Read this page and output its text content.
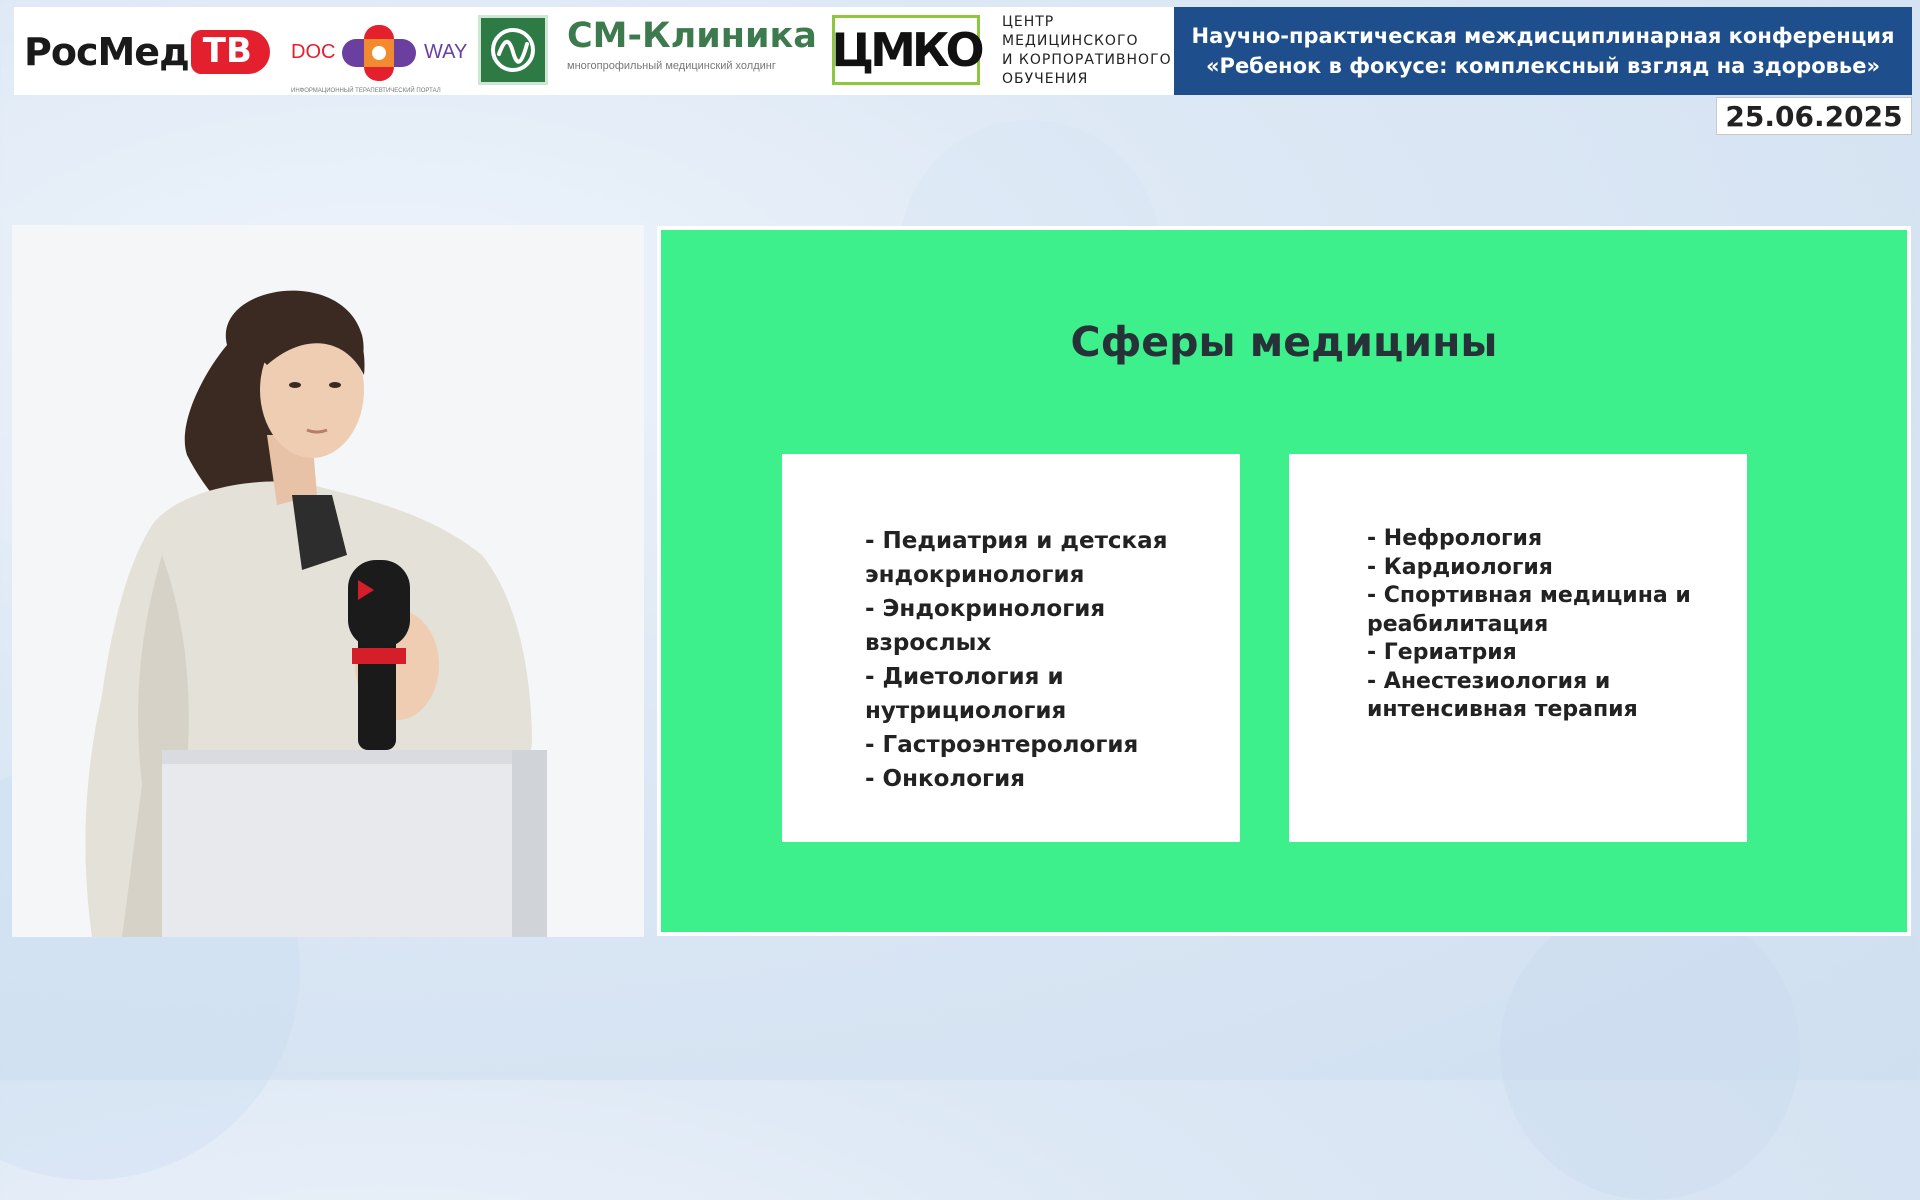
РосМед ТВ	DOC	WAY
ИНФОРМАЦИОННЫЙ ТЕРАПЕВТИЧЕСКИЙ ПОРТАЛ
СМ-Клиника
многопрофильный медицинский холдинг	ЦМКО
ЦЕНТР
МЕДИЦИНСКОГО
И КОРПОРАТИВНОГО
ОБУЧЕНИЯ
Научно-практическая междисциплинарная конференция
«Ребенок в фокусе: комплексный взгляд на здоровье»
25.06.2025
Сферы медицины
- Педиатрия и детская эндокринология
- Эндокринология взрослых
- Диетология и нутрициология
- Гастроэнтерология
- Онкология
- Нефрология
- Кардиология
- Спортивная медицина и реабилитация
- Гериатрия
- Анестезиология и интенсивная терапия
